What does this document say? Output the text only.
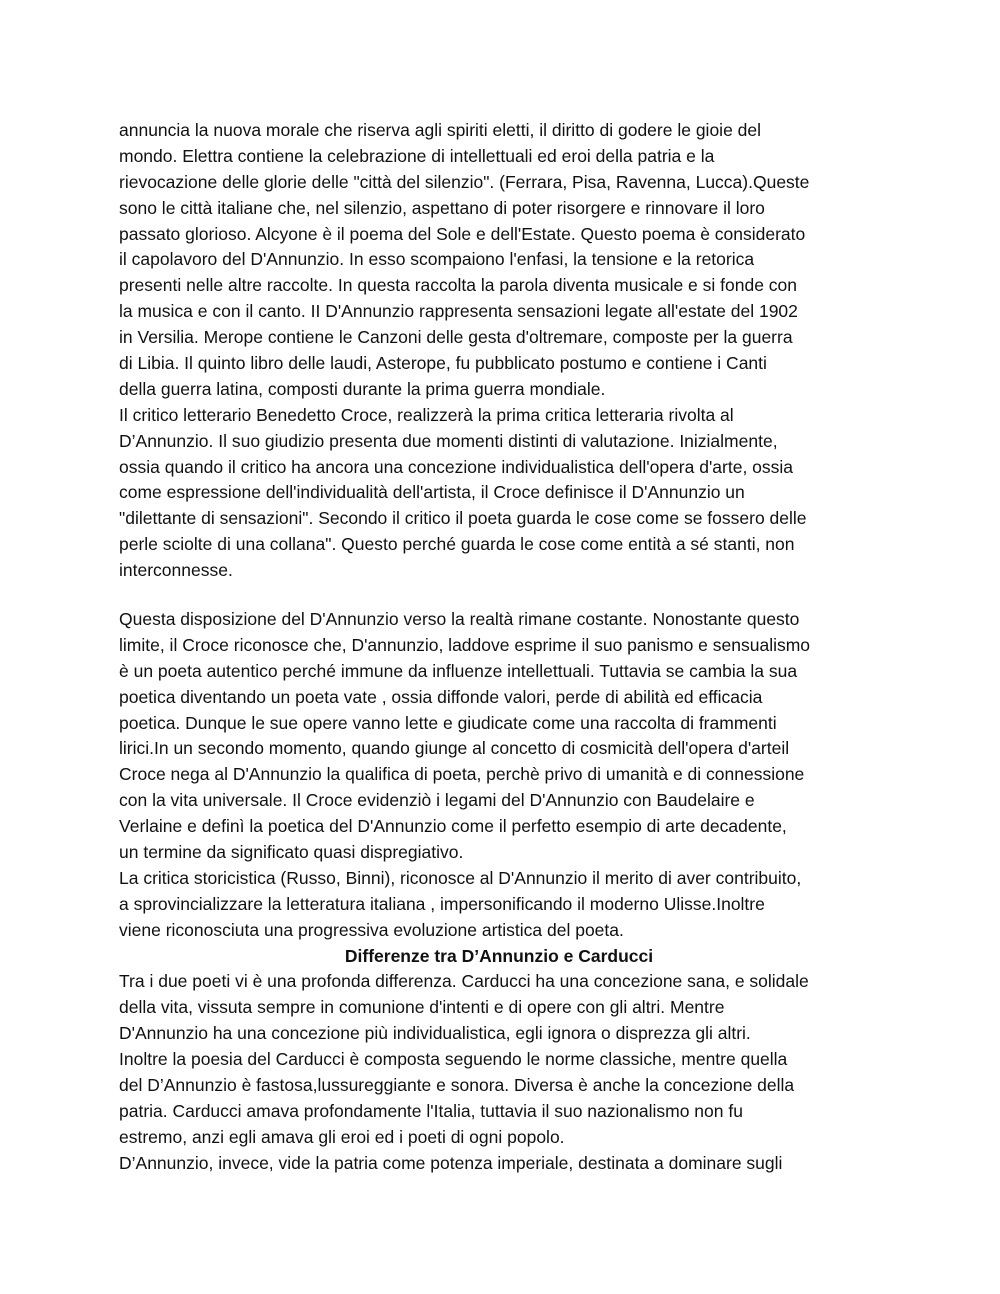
annuncia la nuova morale che riserva agli spiriti eletti, il diritto di godere le gioie del
mondo. Elettra contiene la celebrazione di intellettuali ed eroi della patria e la
rievocazione delle glorie delle "città del silenzio". (Ferrara, Pisa, Ravenna, Lucca).Queste
sono le città italiane che, nel silenzio, aspettano di poter risorgere e rinnovare il loro
passato glorioso. Alcyone è il poema del Sole e dell'Estate. Questo poema è considerato
il capolavoro del D'Annunzio. In esso scompaiono l'enfasi, la tensione e la retorica
presenti nelle altre raccolte. In questa raccolta la parola diventa musicale e si fonde con
la musica e con il canto. II D'Annunzio rappresenta sensazioni legate all'estate del 1902
in Versilia. Merope contiene le Canzoni delle gesta d'oltremare, composte per la guerra
di Libia. Il quinto libro delle laudi, Asterope, fu pubblicato postumo e contiene i Canti
della guerra latina, composti durante la prima guerra mondiale.
Il critico letterario Benedetto Croce, realizzerà la prima critica letteraria rivolta al
D’Annunzio. Il suo giudizio presenta due momenti distinti di valutazione. Inizialmente,
ossia quando il critico ha ancora una concezione individualistica dell'opera d'arte, ossia
come espressione dell'individualità dell'artista, il Croce definisce il D'Annunzio un
"dilettante di sensazioni". Secondo il critico il poeta guarda le cose come se fossero delle
perle sciolte di una collana". Questo perché guarda le cose come entità a sé stanti, non
interconnesse.
Questa disposizione del D'Annunzio verso la realtà rimane costante. Nonostante questo
limite, il Croce riconosce che, D'annunzio, laddove esprime il suo panismo e sensualismo
è un poeta autentico perché immune da influenze intellettuali. Tuttavia se cambia la sua
poetica diventando un poeta vate , ossia diffonde valori, perde di abilità ed efficacia
poetica. Dunque le sue opere vanno lette e giudicate come una raccolta di frammenti
lirici.In un secondo momento, quando giunge al concetto di cosmicità dell'opera d'arteil
Croce nega al D'Annunzio la qualifica di poeta, perchè privo di umanità e di connessione
con la vita universale. Il Croce evidenziò i legami del D'Annunzio con Baudelaire e
Verlaine e definì la poetica del D'Annunzio come il perfetto esempio di arte decadente,
un termine da significato quasi dispregiativo.
La critica storicistica (Russo, Binni), riconosce al D'Annunzio il merito di aver contribuito,
a sprovincializzare la letteratura italiana , impersonificando il moderno Ulisse.Inoltre
viene riconosciuta una progressiva evoluzione artistica del poeta.
Differenze tra D’Annunzio e Carducci
Tra i due poeti vi è una profonda differenza. Carducci ha una concezione sana, e solidale
della vita, vissuta sempre in comunione d'intenti e di opere con gli altri. Mentre
D'Annunzio ha una concezione più individualistica, egli ignora o disprezza gli altri.
Inoltre la poesia del Carducci è composta seguendo le norme classiche, mentre quella
del D’Annunzio è fastosa,lussureggiante e sonora. Diversa è anche la concezione della
patria. Carducci amava profondamente l'Italia, tuttavia il suo nazionalismo non fu
estremo, anzi egli amava gli eroi ed i poeti di ogni popolo.
D’Annunzio, invece, vide la patria come potenza imperiale, destinata a dominare sugli
